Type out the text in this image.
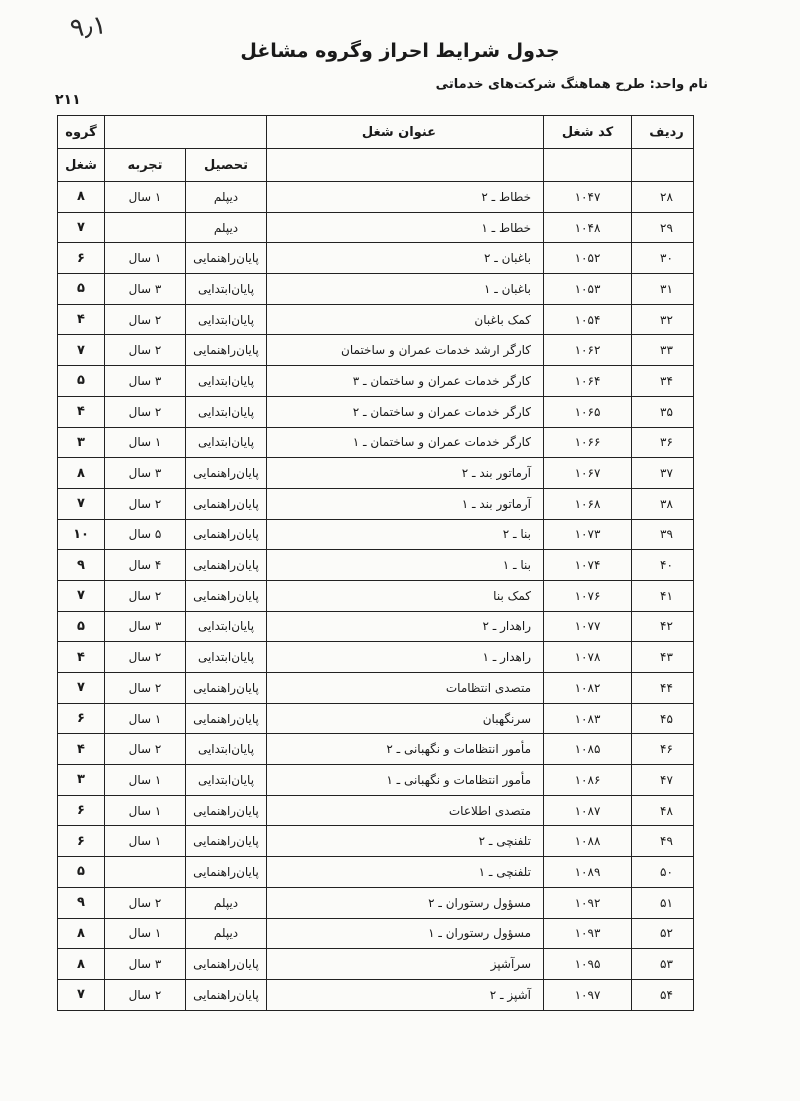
۹٫۱
جدول شرایط احراز وگروه مشاغل
نام واحد: طرح هماهنگ شرکت‌های خدماتی
۲۱۱
ردیف	کد شغل	عنوان شغل			گروه
			تحصیل	تجربه	شغل
۲۸	۱۰۴۷	خطاط ـ ۲	دیپلم	۱ سال	۸
۲۹	۱۰۴۸	خطاط ـ ۱	دیپلم		۷
۳۰	۱۰۵۲	باغبان ـ ۲	پایان‌راهنمایی	۱ سال	۶
۳۱	۱۰۵۳	باغبان ـ ۱	پایان‌ابتدایی	۳ سال	۵
۳۲	۱۰۵۴	کمک باغبان	پایان‌ابتدایی	۲ سال	۴
۳۳	۱۰۶۲	کارگر ارشد خدمات عمران و ساختمان	پایان‌راهنمایی	۲ سال	۷
۳۴	۱۰۶۴	کارگر خدمات عمران و ساختمان ـ ۳	پایان‌ابتدایی	۳ سال	۵
۳۵	۱۰۶۵	کارگر خدمات عمران و ساختمان ـ ۲	پایان‌ابتدایی	۲ سال	۴
۳۶	۱۰۶۶	کارگر خدمات عمران و ساختمان ـ ۱	پایان‌ابتدایی	۱ سال	۳
۳۷	۱۰۶۷	آرماتور بند ـ ۲	پایان‌راهنمایی	۳ سال	۸
۳۸	۱۰۶۸	آرماتور بند ـ ۱	پایان‌راهنمایی	۲ سال	۷
۳۹	۱۰۷۳	بنا ـ ۲	پایان‌راهنمایی	۵ سال	۱۰
۴۰	۱۰۷۴	بنا ـ ۱	پایان‌راهنمایی	۴ سال	۹
۴۱	۱۰۷۶	کمک بنا	پایان‌راهنمایی	۲ سال	۷
۴۲	۱۰۷۷	راهدار ـ ۲	پایان‌ابتدایی	۳ سال	۵
۴۳	۱۰۷۸	راهدار ـ ۱	پایان‌ابتدایی	۲ سال	۴
۴۴	۱۰۸۲	متصدی انتظامات	پایان‌راهنمایی	۲ سال	۷
۴۵	۱۰۸۳	سرنگهبان	پایان‌راهنمایی	۱ سال	۶
۴۶	۱۰۸۵	مأمور انتظامات و نگهبانی ـ ۲	پایان‌ابتدایی	۲ سال	۴
۴۷	۱۰۸۶	مأمور انتظامات و نگهبانی ـ ۱	پایان‌ابتدایی	۱ سال	۳
۴۸	۱۰۸۷	متصدی اطلاعات	پایان‌راهنمایی	۱ سال	۶
۴۹	۱۰۸۸	تلفنچی ـ ۲	پایان‌راهنمایی	۱ سال	۶
۵۰	۱۰۸۹	تلفنچی ـ ۱	پایان‌راهنمایی		۵
۵۱	۱۰۹۲	مسؤول رستوران ـ ۲	دیپلم	۲ سال	۹
۵۲	۱۰۹۳	مسؤول رستوران ـ ۱	دیپلم	۱ سال	۸
۵۳	۱۰۹۵	سرآشپز	پایان‌راهنمایی	۳ سال	۸
۵۴	۱۰۹۷	آشپز ـ ۲	پایان‌راهنمایی	۲ سال	۷
